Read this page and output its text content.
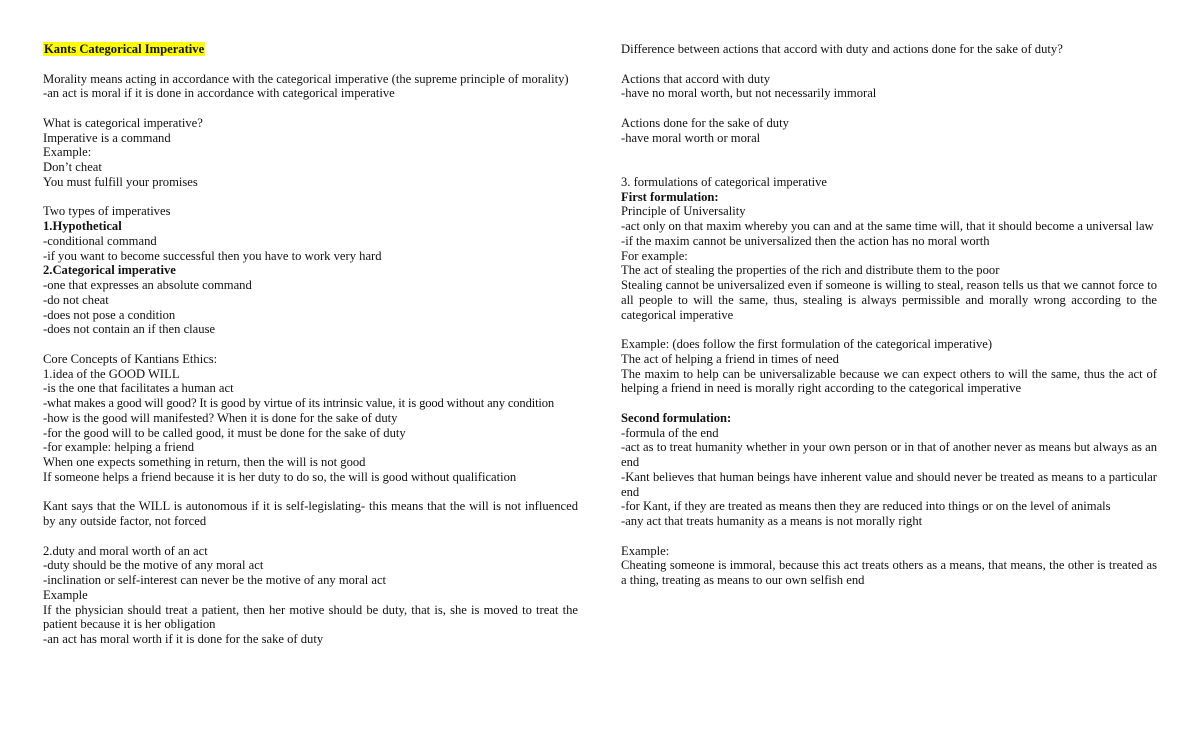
Kants Categorical Imperative
Morality means acting in accordance with the categorical imperative (the supreme principle of morality)
-an act is moral if it is done in accordance with categorical imperative
What is categorical imperative?
Imperative is a command
Example:
Don’t cheat
You must fulfill your promises
Two types of imperatives
1.Hypothetical
-conditional command
-if you want to become successful then you have to work very hard
2.Categorical imperative
-one that expresses an absolute command
-do not cheat
-does not pose a condition
-does not contain an if then clause
Core Concepts of Kantians Ethics:
1.idea of the GOOD WILL
-is the one that facilitates a human act
-what makes a good will good? It is good by virtue of its intrinsic value, it is good without any condition
-how is the good will manifested? When it is done for the sake of duty
-for the good will to be called good, it must be done for the sake of duty
-for example: helping a friend
When one expects something in return, then the will is not good
If someone helps a friend because it is her duty to do so, the will is good without qualification
Kant says that the WILL is autonomous if it is self-legislating- this means that the will is not influenced by any outside factor, not forced
2.duty and moral worth of an act
-duty should be the motive of any moral act
-inclination or self-interest can never be the motive of any moral act
Example
If the physician should treat a patient, then her motive should be duty, that is, she is moved to treat the patient because it is her obligation
-an act has moral worth if it is done for the sake of duty
Difference between actions that accord with duty and actions done for the sake of duty?
Actions that accord with duty
-have no moral worth, but not necessarily immoral
Actions done for the sake of duty
-have moral worth or moral
3. formulations of categorical imperative
First formulation:
Principle of Universality
-act only on that maxim whereby you can and at the same time will, that it should become a universal law
-if the maxim cannot be universalized then the action has no moral worth
For example:
The act of stealing the properties of the rich and distribute them to the poor
Stealing cannot be universalized even if someone is willing to steal, reason tells us that we cannot force to all people to will the same, thus, stealing is always permissible and morally wrong according to the categorical imperative
Example: (does follow the first formulation of the categorical imperative)
The act of helping a friend in times of need
The maxim to help can be universalizable because we can expect others to will the same, thus the act of helping a friend in need is morally right according to the categorical imperative
Second formulation:
-formula of the end
-act as to treat humanity whether in your own person or in that of another never as means but always as an end
-Kant believes that human beings have inherent value and should never be treated as means to a particular end
-for Kant, if they are treated as means then they are reduced into things or on the level of animals
-any act that treats humanity as a means is not morally right
Example:
Cheating someone is immoral, because this act treats others as a means, that means, the other is treated as a thing, treating as means to our own selfish end
